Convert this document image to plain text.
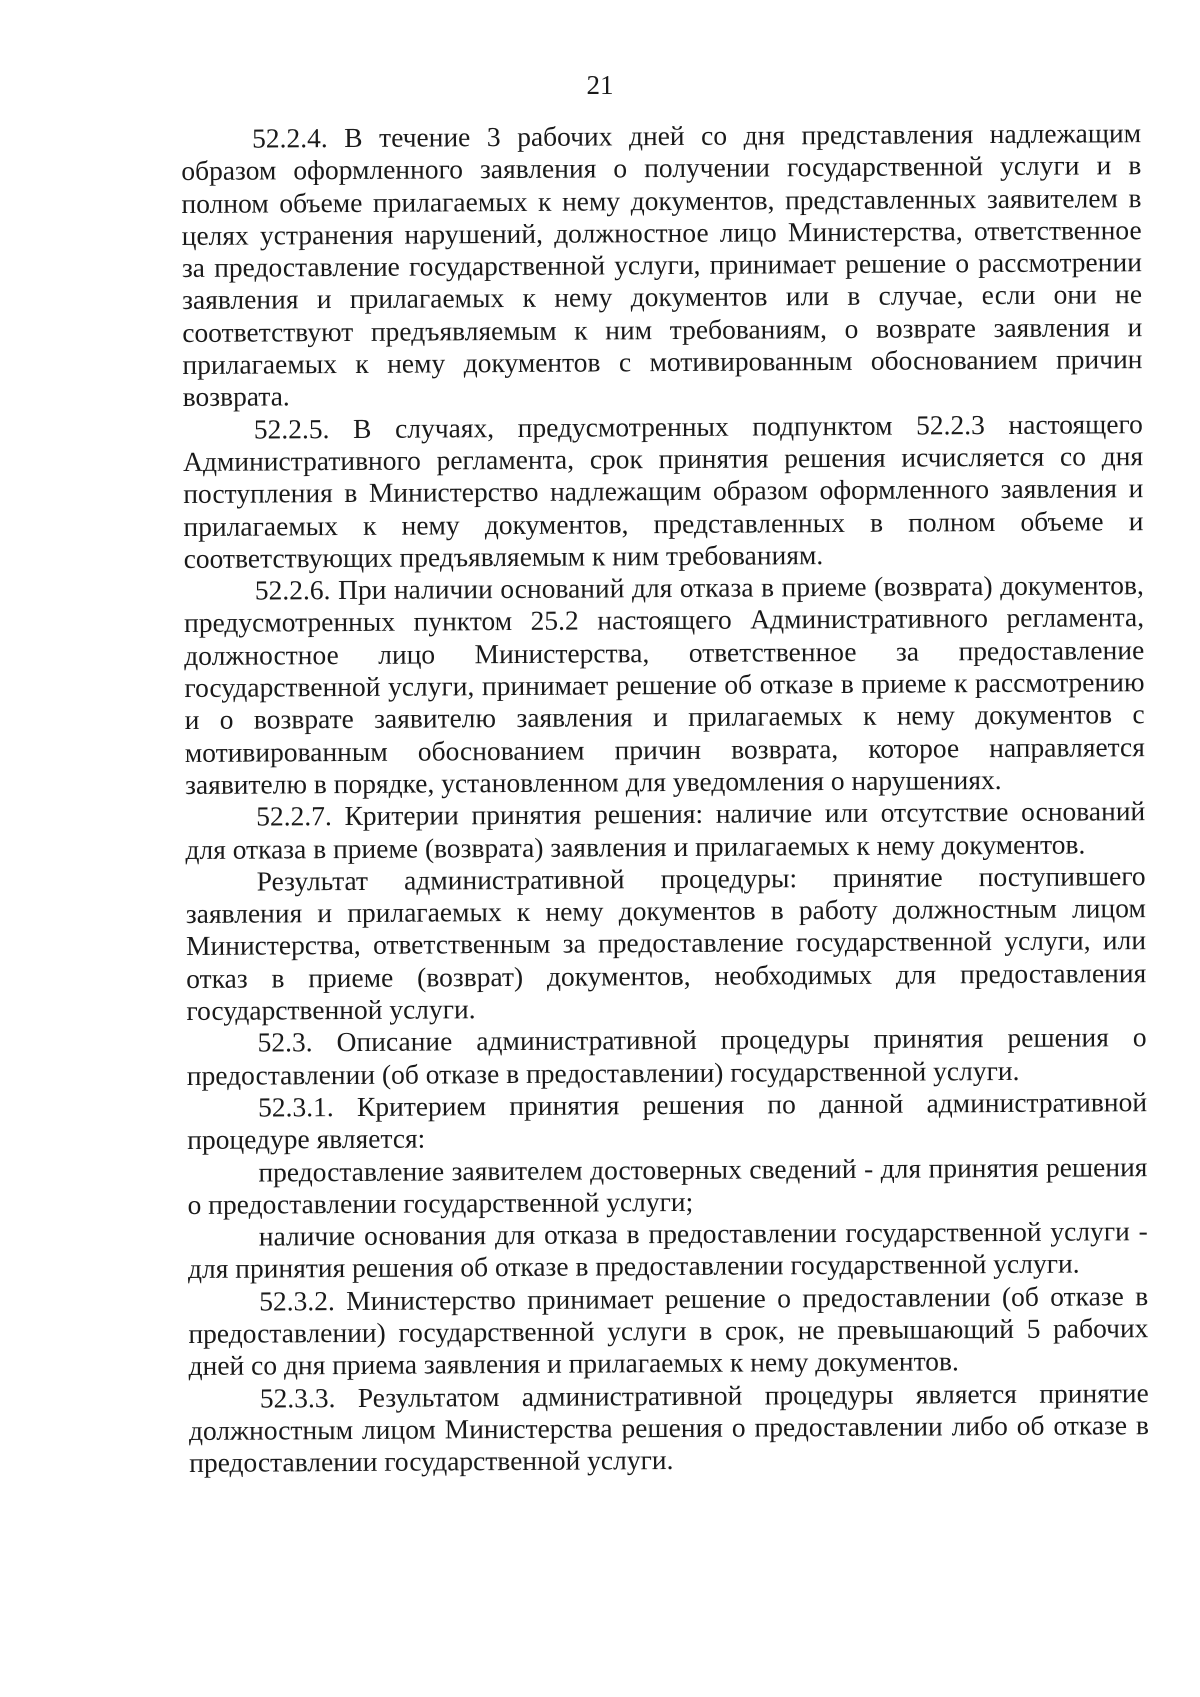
21

52.2.4. В течение 3 рабочих дней со дня представления надлежащим образом оформленного заявления о получении государственной услуги и в полном объеме прилагаемых к нему документов, представленных заявителем в целях устранения нарушений, должностное лицо Министерства, ответственное за предоставление государственной услуги, принимает решение о рассмотрении заявления и прилагаемых к нему документов или в случае, если они не соответствуют предъявляемым к ним требованиям, о возврате заявления и прилагаемых к нему документов с мотивированным обоснованием причин возврата.

52.2.5. В случаях, предусмотренных подпунктом 52.2.3 настоящего Административного регламента, срок принятия решения исчисляется со дня поступления в Министерство надлежащим образом оформленного заявления и прилагаемых к нему документов, представленных в полном объеме и соответствующих предъявляемым к ним требованиям.

52.2.6. При наличии оснований для отказа в приеме (возврата) документов, предусмотренных пунктом 25.2 настоящего Административного регламента, должностное лицо Министерства, ответственное за предоставление государственной услуги, принимает решение об отказе в приеме к рассмотрению и о возврате заявителю заявления и прилагаемых к нему документов с мотивированным обоснованием причин возврата, которое направляется заявителю в порядке, установленном для уведомления о нарушениях.

52.2.7. Критерии принятия решения: наличие или отсутствие оснований для отказа в приеме (возврата) заявления и прилагаемых к нему документов.

Результат административной процедуры: принятие поступившего заявления и прилагаемых к нему документов в работу должностным лицом Министерства, ответственным за предоставление государственной услуги, или отказ в приеме (возврат) документов, необходимых для предоставления государственной услуги.

52.3. Описание административной процедуры принятия решения о предоставлении (об отказе в предоставлении) государственной услуги.

52.3.1. Критерием принятия решения по данной административной процедуре является:

предоставление заявителем достоверных сведений - для принятия решения о предоставлении государственной услуги;

наличие основания для отказа в предоставлении государственной услуги - для принятия решения об отказе в предоставлении государственной услуги.

52.3.2. Министерство принимает решение о предоставлении (об отказе в предоставлении) государственной услуги в срок, не превышающий 5 рабочих дней со дня приема заявления и прилагаемых к нему документов.

52.3.3. Результатом административной процедуры является принятие должностным лицом Министерства решения о предоставлении либо об отказе в предоставлении государственной услуги.
